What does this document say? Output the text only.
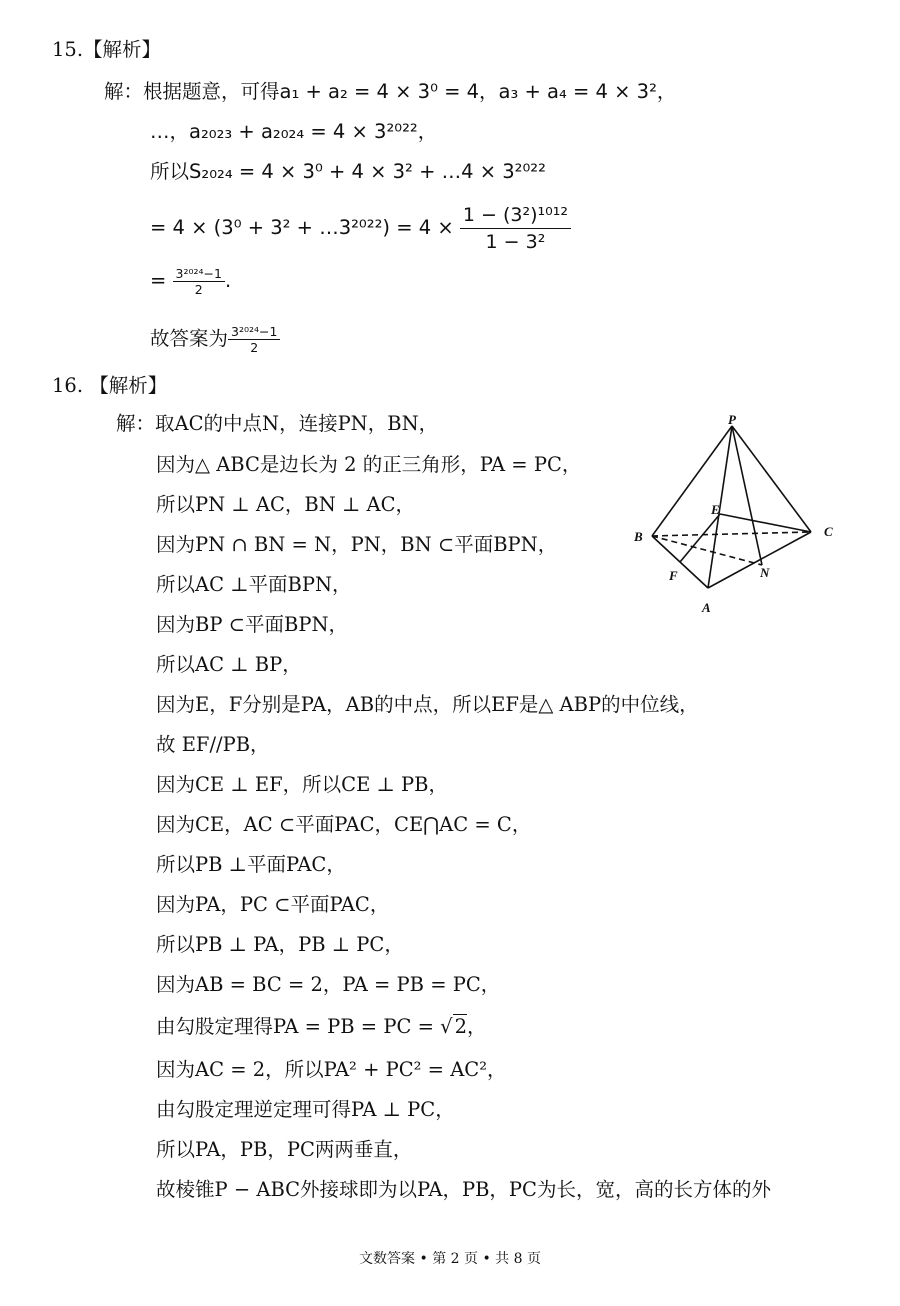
15.【解析】
解：根据题意，可得a₁ + a₂ = 4 × 3⁰ = 4，a₃ + a₄ = 4 × 3²，
…，a₂₀₂₃ + a₂₀₂₄ = 4 × 3²⁰²²，
所以S₂₀₂₄ = 4 × 3⁰ + 4 × 3² + …4 × 3²⁰²²
= 4 × (3⁰ + 3² + …3²⁰²²) = $4 \times \frac{\text{1 − (3²)¹⁰¹²}}{\text{1 − 3²}}$
= $\frac{\text{3²⁰²⁴−1}}{2}$ .
故答案为 $\frac{\text{3²⁰²⁴−1}}{2}$
16. 【解析】
解：取AC的中点N，连接PN，BN，
因为△ ABC是边长为 2 的正三角形，PA = PC，
所以PN ⊥ AC，BN ⊥ AC，
因为PN ∩ BN = N，PN，BN ⊂平面BPN，
所以AC ⊥平面BPN，
因为BP ⊂平面BPN，
所以AC ⊥ BP，
因为E，F分别是PA，AB的中点，所以EF是△ ABP的中位线，
故 EF//PB，
因为CE ⊥ EF，所以CE ⊥ PB，
因为CE，AC ⊂平面PAC，CE⋂AC = C，
所以PB ⊥平面PAC，
因为PA，PC ⊂平面PAC，
所以PB ⊥ PA，PB ⊥ PC，
因为AB = BC = 2，PA = PB = PC，
由勾股定理得PA = PB = PC = √ 2，
因为AC = 2，所以PA² + PC² = AC²，
由勾股定理逆定理可得PA ⊥ PC，
所以PA，PB，PC两两垂直，
故棱锥P − ABC外接球即为以PA，PB，PC为长，宽，高的长方体的外
P
E
B	C
F	N
A
文数答案 • 第 2 页 • 共 8 页
